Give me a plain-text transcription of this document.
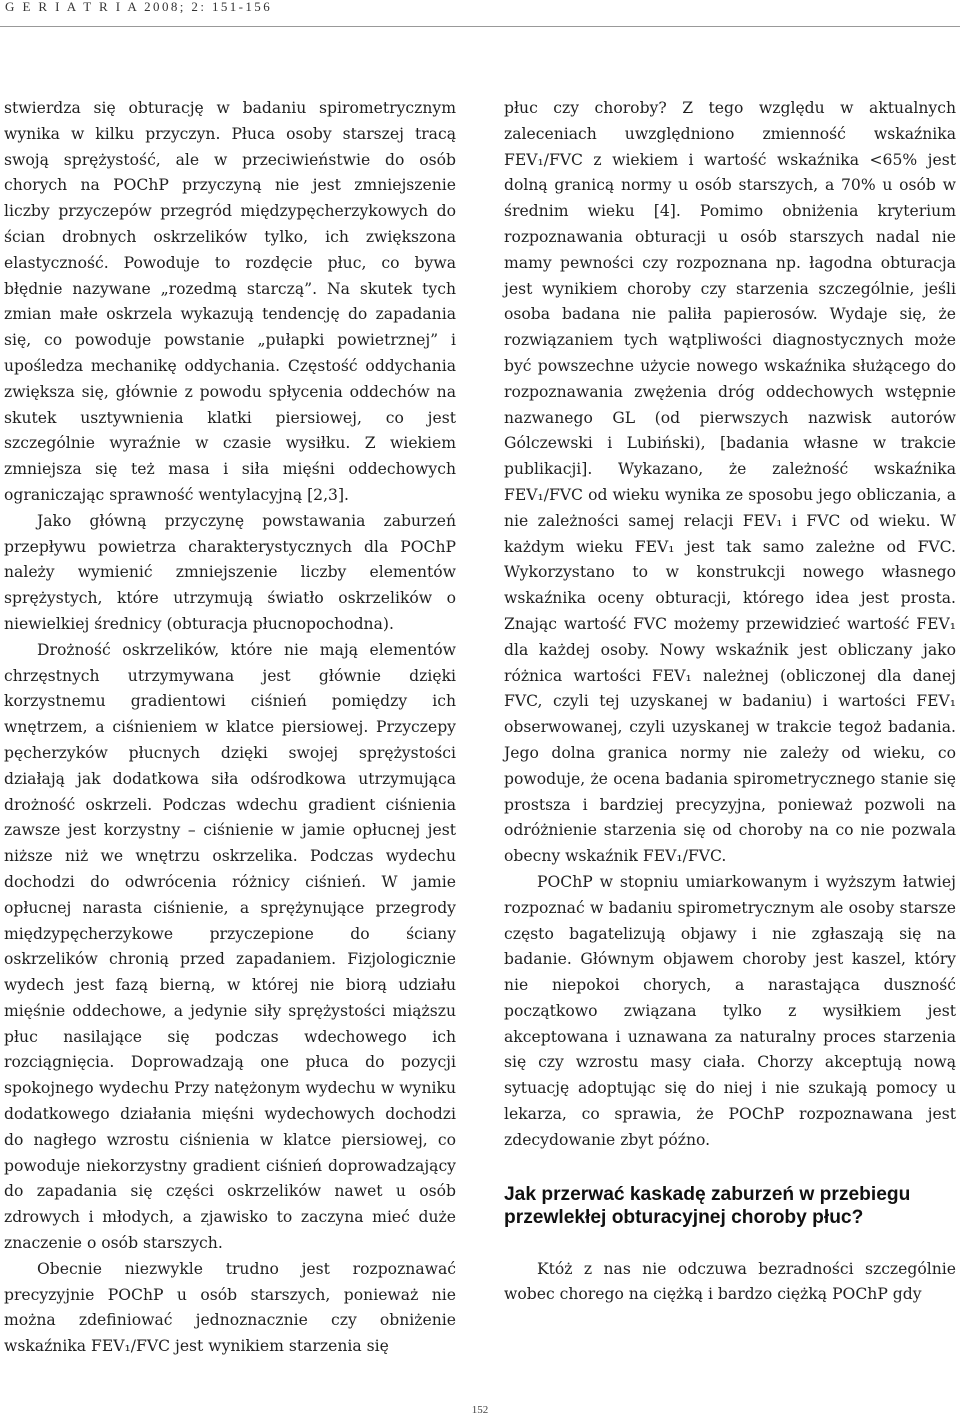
G E R I A T R I A 2008; 2: 151-156

stwierdza się obturację w badaniu spirometrycznym wynika w kilku przyczyn. Płuca osoby starszej tracą swoją sprężystość, ale w przeciwieństwie do osób chorych na POChP przyczyną nie jest zmniejszenie liczby przyczepów przegród międzypęcherzykowych do ścian drobnych oskrzelików tylko, ich zwiększona elastyczność. Powoduje to rozdęcie płuc, co bywa błędnie nazywane „rozedmą starczą”. Na skutek tych zmian małe oskrzela wykazują tendencję do zapadania się, co powoduje powstanie „pułapki powietrznej” i upośledza mechanikę oddychania. Częstość oddychania zwiększa się, głównie z powodu spłycenia oddechów na skutek usztywnienia klatki piersiowej, co jest szczególnie wyraźnie w czasie wysiłku. Z wiekiem zmniejsza się też masa i siła mięśni oddechowych ograniczając sprawność wentylacyjną [2,3].

Jako główną przyczynę powstawania zaburzeń przepływu powietrza charakterystycznych dla POChP należy wymienić zmniejszenie liczby elementów sprężystych, które utrzymują światło oskrzelików o niewielkiej średnicy (obturacja płucnopochodna).

Drożność oskrzelików, które nie mają elementów chrzęstnych utrzymywana jest głównie dzięki korzystnemu gradientowi ciśnień pomiędzy ich wnętrzem, a ciśnieniem w klatce piersiowej. Przyczepy pęcherzyków płucnych dzięki swojej sprężystości działają jak dodatkowa siła odśrodkowa utrzymująca drożność oskrzeli. Podczas wdechu gradient ciśnienia zawsze jest korzystny – ciśnienie w jamie opłucnej jest niższe niż we wnętrzu oskrzelika. Podczas wydechu dochodzi do odwrócenia różnicy ciśnień. W jamie opłucnej narasta ciśnienie, a sprężynujące przegrody międzypęcherzykowe przyczepione do ściany oskrzelików chronią przed zapadaniem. Fizjologicznie wydech jest fazą bierną, w której nie biorą udziału mięśnie oddechowe, a jedynie siły sprężystości miąższu płuc nasilające się podczas wdechowego ich rozciągnięcia. Doprowadzają one płuca do pozycji spokojnego wydechu Przy natężonym wydechu w wyniku dodatkowego działania mięśni wydechowych dochodzi do nagłego wzrostu ciśnienia w klatce piersiowej, co powoduje niekorzystny gradient ciśnień doprowadzający do zapadania się części oskrzelików nawet u osób zdrowych i młodych, a zjawisko to zaczyna mieć duże znaczenie o osób starszych.

Obecnie niezwykle trudno jest rozpoznawać precyzyjnie POChP u osób starszych, ponieważ nie można zdefiniować jednoznacznie czy obniżenie wskaźnika FEV₁/FVC jest wynikiem starzenia się

płuc czy choroby? Z tego względu w aktualnych zaleceniach uwzględniono zmienność wskaźnika FEV₁/FVC z wiekiem i wartość wskaźnika <65% jest dolną granicą normy u osób starszych, a 70% u osób w średnim wieku [4]. Pomimo obniżenia kryterium rozpoznawania obturacji u osób starszych nadal nie mamy pewności czy rozpoznana np. łagodna obturacja jest wynikiem choroby czy starzenia szczególnie, jeśli osoba badana nie paliła papierosów. Wydaje się, że rozwiązaniem tych wątpliwości diagnostycznych może być powszechne użycie nowego wskaźnika służącego do rozpoznawania zwężenia dróg oddechowych wstępnie nazwanego GL (od pierwszych nazwisk autorów Gólczewski i Lubiński), [badania własne w trakcie publikacji]. Wykazano, że zależność wskaźnika FEV₁/FVC od wieku wynika ze sposobu jego obliczania, a nie zależności samej relacji FEV₁ i FVC od wieku. W każdym wieku FEV₁ jest tak samo zależne od FVC. Wykorzystano to w konstrukcji nowego własnego wskaźnika oceny obturacji, którego idea jest prosta. Znając wartość FVC możemy przewidzieć wartość FEV₁ dla każdej osoby. Nowy wskaźnik jest obliczany jako różnica wartości FEV₁ należnej (obliczonej dla danej FVC, czyli tej uzyskanej w badaniu) i wartości FEV₁ obserwowanej, czyli uzyskanej w trakcie tegoż badania. Jego dolna granica normy nie zależy od wieku, co powoduje, że ocena badania spirometrycznego stanie się prostsza i bardziej precyzyjna, ponieważ pozwoli na odróżnienie starzenia się od choroby na co nie pozwala obecny wskaźnik FEV₁/FVC.

POChP w stopniu umiarkowanym i wyższym łatwiej rozpoznać w badaniu spirometrycznym ale osoby starsze często bagatelizują objawy i nie zgłaszają się na badanie. Głównym objawem choroby jest kaszel, który nie niepokoi chorych, a narastająca duszność początkowo związana tylko z wysiłkiem jest akceptowana i uznawana za naturalny proces starzenia się czy wzrostu masy ciała. Chorzy akceptują nową sytuację adoptując się do niej i nie szukają pomocy u lekarza, co sprawia, że POChP rozpoznawana jest zdecydowanie zbyt późno.

Jak przerwać kaskadę zaburzeń w przebiegu przewlekłej obturacyjnej choroby płuc?

Któż z nas nie odczuwa bezradności szczególnie wobec chorego na ciężką i bardzo ciężką POChP gdy

152
